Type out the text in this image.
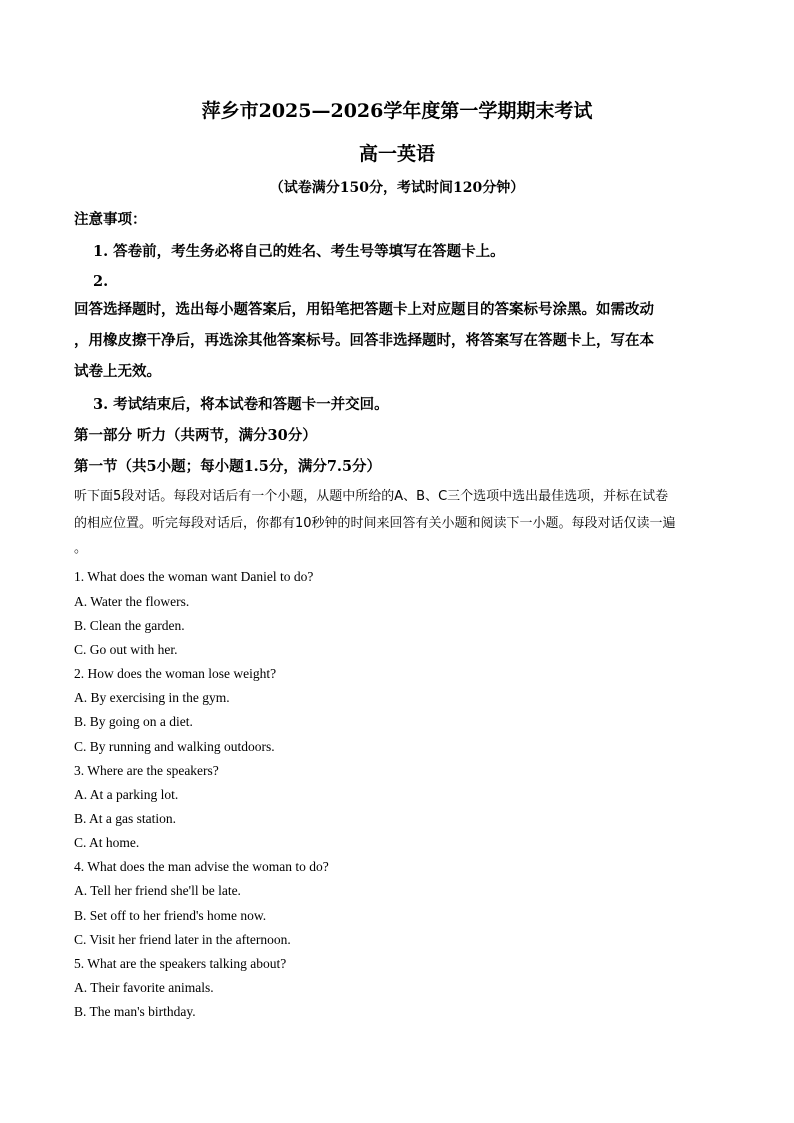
萍乡市2025—2026学年度第一学期期末考试
高一英语
（试卷满分150分，考试时间120分钟）
注意事项：
1. 答卷前，考生务必将自己的姓名、考生号等填写在答题卡上。
2.
回答选择题时，选出每小题答案后，用铅笔把答题卡上对应题目的答案标号涂黑。如需改动
，用橡皮擦干净后，再选涂其他答案标号。回答非选择题时，将答案写在答题卡上，写在本
试卷上无效。
3. 考试结束后，将本试卷和答题卡一并交回。
第一部分 听力（共两节，满分30分）
第一节（共5小题；每小题1.5分，满分7.5分）
听下面5段对话。每段对话后有一个小题，从题中所给的A、B、C三个选项中选出最佳选项，并标在试卷
的相应位置。听完每段对话后，你都有10秒钟的时间来回答有关小题和阅读下一小题。每段对话仅读一遍
。
1. What does the woman want Daniel to do?
A. Water the flowers.
B. Clean the garden.
C. Go out with her.
2. How does the woman lose weight?
A. By exercising in the gym.
B. By going on a diet.
C. By running and walking outdoors.
3. Where are the speakers?
A. At a parking lot.
B. At a gas station.
C. At home.
4. What does the man advise the woman to do?
A. Tell her friend she'll be late.
B. Set off to her friend's home now.
C. Visit her friend later in the afternoon.
5. What are the speakers talking about?
A. Their favorite animals.
B. The man's birthday.
